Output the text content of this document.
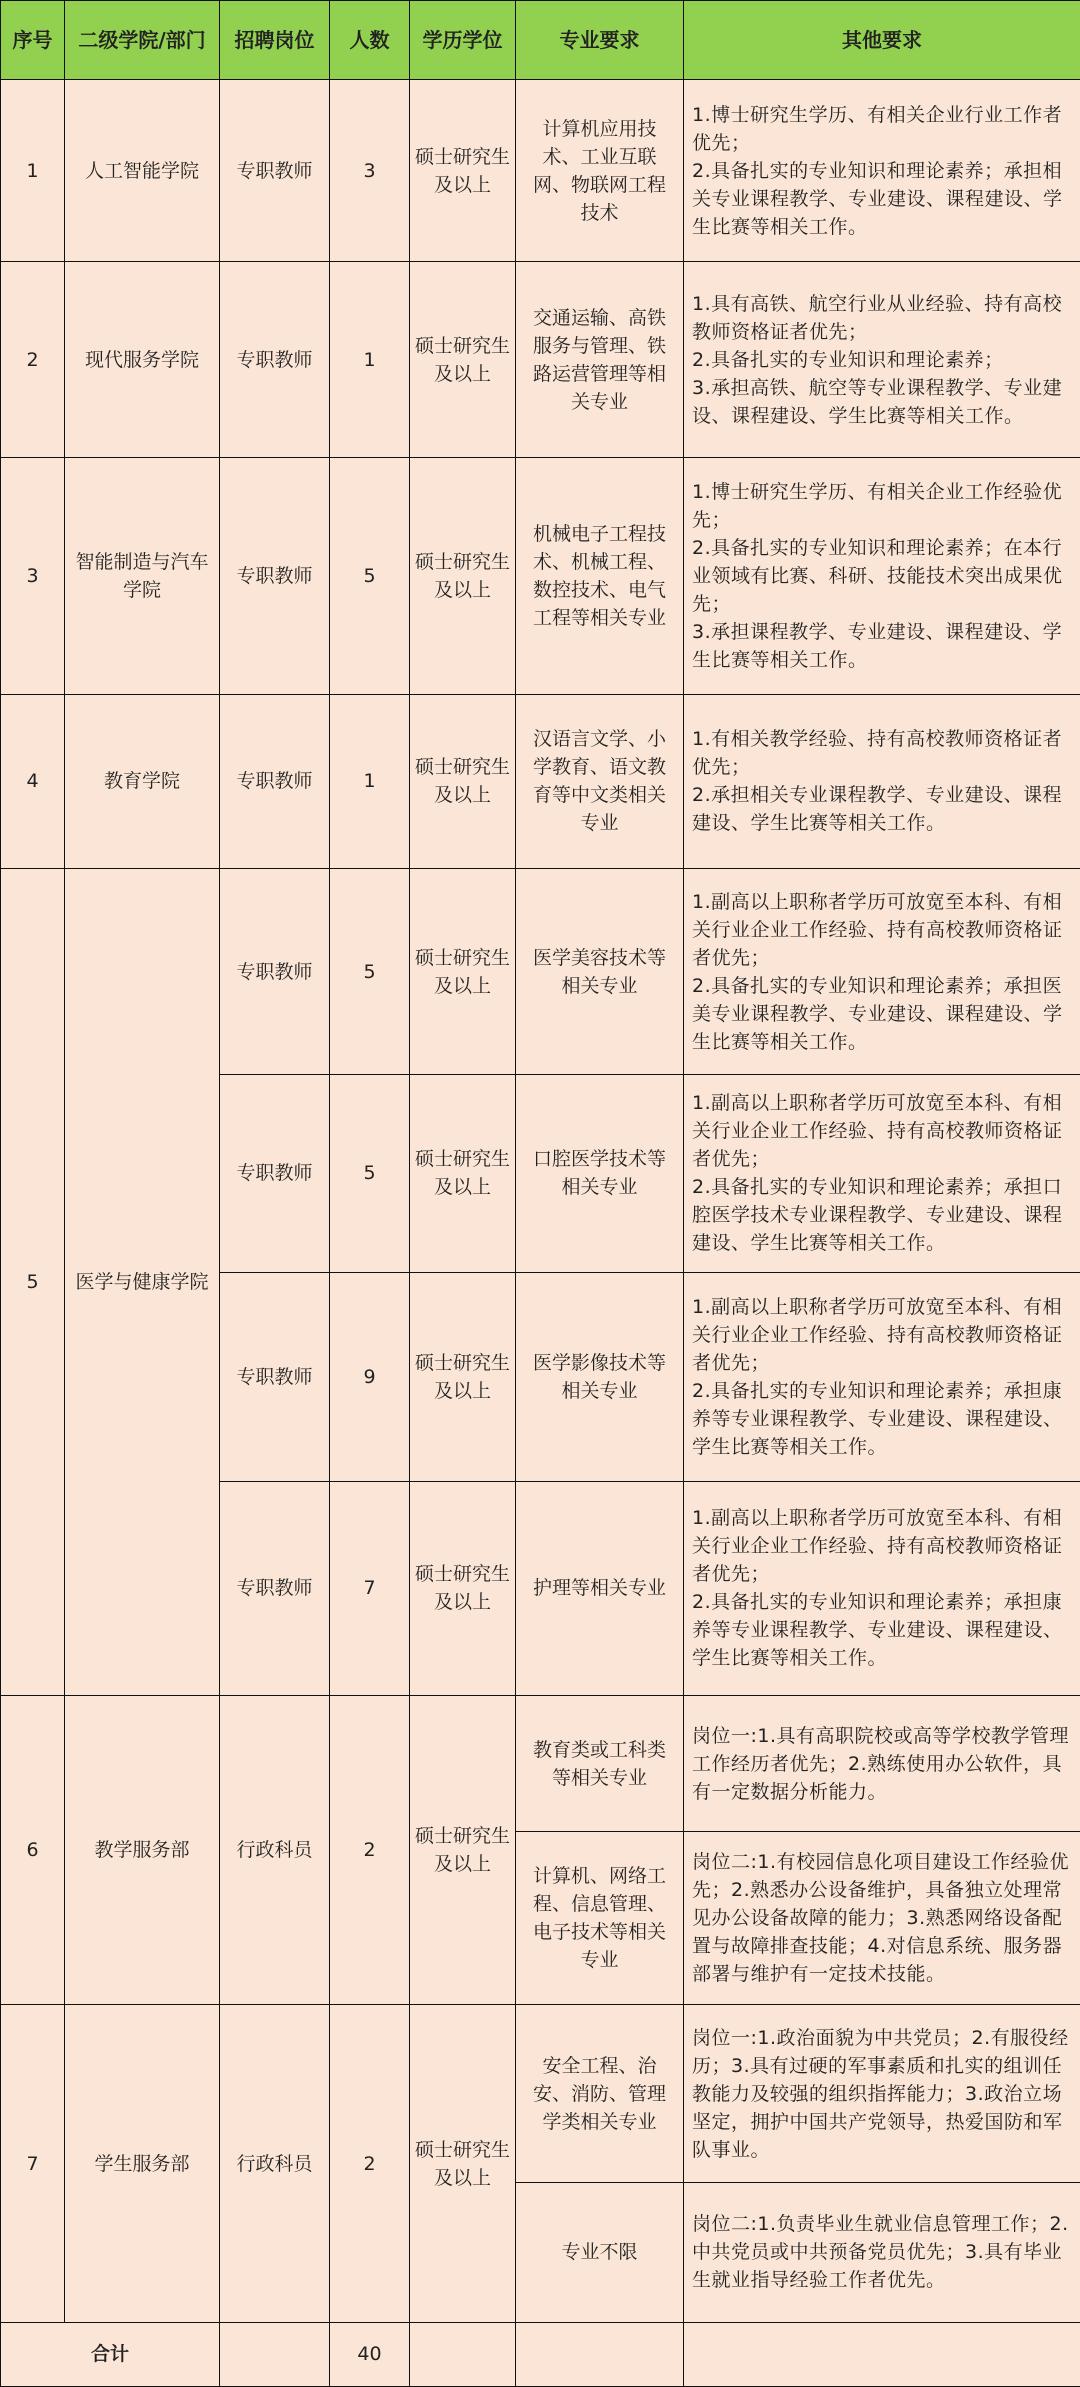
序号	二级学院/部门	招聘岗位	人数	学历学位	专业要求	其他要求
1	人工智能学院	专职教师	3	硕士研究生及以上	计算机应用技术、工业互联网、物联网工程技术	1.博士研究生学历、有相关企业行业工作者优先；
2.具备扎实的专业知识和理论素养；承担相关专业课程教学、专业建设、课程建设、学生比赛等相关工作。

2	现代服务学院	专职教师	1	硕士研究生及以上	交通运输、高铁服务与管理、铁路运营管理等相关专业	1.具有高铁、航空行业从业经验、持有高校教师资格证者优先；
2.具备扎实的专业知识和理论素养；
3.承担高铁、航空等专业课程教学、专业建设、课程建设、学生比赛等相关工作。

3	智能制造与汽车学院	专职教师	5	硕士研究生及以上	机械电子工程技术、机械工程、数控技术、电气工程等相关专业	1.博士研究生学历、有相关企业工作经验优先；
2.具备扎实的专业知识和理论素养；在本行业领域有比赛、科研、技能技术突出成果优先；
3.承担课程教学、专业建设、课程建设、学生比赛等相关工作。

4	教育学院	专职教师	1	硕士研究生及以上	汉语言文学、小学教育、语文教育等中文类相关专业	1.有相关教学经验、持有高校教师资格证者优先；
2.承担相关专业课程教学、专业建设、课程建设、学生比赛等相关工作。

5	医学与健康学院	专职教师	5	硕士研究生及以上	医学美容技术等相关专业	1.副高以上职称者学历可放宽至本科、有相关行业企业工作经验、持有高校教师资格证者优先；
2.具备扎实的专业知识和理论素养；承担医美专业课程教学、专业建设、课程建设、学生比赛等相关工作。

		专职教师	5	硕士研究生及以上	口腔医学技术等相关专业	1.副高以上职称者学历可放宽至本科、有相关行业企业工作经验、持有高校教师资格证者优先；
2.具备扎实的专业知识和理论素养；承担口腔医学技术专业课程教学、专业建设、课程建设、学生比赛等相关工作。

		专职教师	9	硕士研究生及以上	医学影像技术等相关专业	1.副高以上职称者学历可放宽至本科、有相关行业企业工作经验、持有高校教师资格证者优先；
2.具备扎实的专业知识和理论素养；承担康养等专业课程教学、专业建设、课程建设、学生比赛等相关工作。

		专职教师	7	硕士研究生及以上	护理等相关专业	1.副高以上职称者学历可放宽至本科、有相关行业企业工作经验、持有高校教师资格证者优先；
2.具备扎实的专业知识和理论素养；承担康养等专业课程教学、专业建设、课程建设、学生比赛等相关工作。

6	教学服务部	行政科员	2	硕士研究生及以上	教育类或工科类等相关专业	岗位一:1.具有高职院校或高等学校教学管理工作经历者优先；2.熟练使用办公软件，具有一定数据分析能力。
					计算机、网络工程、信息管理、电子技术等相关专业	岗位二:1.有校园信息化项目建设工作经验优先；2.熟悉办公设备维护，具备独立处理常见办公设备故障的能力；3.熟悉网络设备配置与故障排查技能；4.对信息系统、服务器部署与维护有一定技术技能。
7	学生服务部	行政科员	2	硕士研究生及以上	安全工程、治安、消防、管理学类相关专业	岗位一:1.政治面貌为中共党员；2.有服役经历；3.具有过硬的军事素质和扎实的组训任教能力及较强的组织指挥能力；3.政治立场坚定，拥护中国共产党领导，热爱国防和军队事业。
					专业不限	岗位二:1.负责毕业生就业信息管理工作；2.中共党员或中共预备党员优先；3.具有毕业生就业指导经验工作者优先。
合计			40			
